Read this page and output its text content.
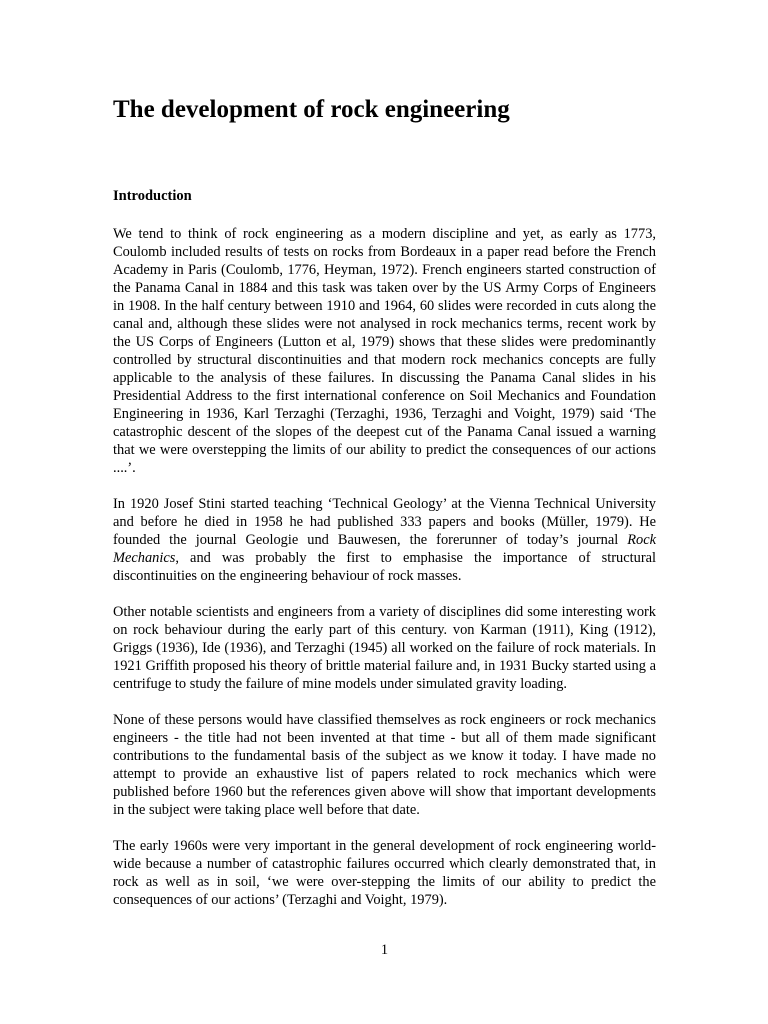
The development of rock engineering
Introduction

We tend to think of rock engineering as a modern discipline and yet, as early as 1773, Coulomb included results of tests on rocks from Bordeaux in a paper read before the French Academy in Paris (Coulomb, 1776, Heyman, 1972). French engineers started construction of the Panama Canal in 1884 and this task was taken over by the US Army Corps of Engineers in 1908. In the half century between 1910 and 1964, 60 slides were recorded in cuts along the canal and, although these slides were not analysed in rock mechanics terms, recent work by the US Corps of Engineers (Lutton et al, 1979) shows that these slides were predominantly controlled by structural discontinuities and that modern rock mechanics concepts are fully applicable to the analysis of these failures. In discussing the Panama Canal slides in his Presidential Address to the first international conference on Soil Mechanics and Foundation Engineering in 1936, Karl Terzaghi (Terzaghi, 1936, Terzaghi and Voight, 1979) said ‘The catastrophic descent of the slopes of the deepest cut of the Panama Canal issued a warning that we were overstepping the limits of our ability to predict the consequences of our actions ....’.

In 1920 Josef Stini started teaching ‘Technical Geology’ at the Vienna Technical University and before he died in 1958 he had published 333 papers and books (Müller, 1979). He founded the journal Geologie und Bauwesen, the forerunner of today’s journal Rock Mechanics, and was probably the first to emphasise the importance of structural discontinuities on the engineering behaviour of rock masses.

Other notable scientists and engineers from a variety of disciplines did some interesting work on rock behaviour during the early part of this century. von Karman (1911), King (1912), Griggs (1936), Ide (1936), and Terzaghi (1945) all worked on the failure of rock materials. In 1921 Griffith proposed his theory of brittle material failure and, in 1931 Bucky started using a centrifuge to study the failure of mine models under simulated gravity loading.

None of these persons would have classified themselves as rock engineers or rock mechanics engineers - the title had not been invented at that time - but all of them made significant contributions to the fundamental basis of the subject as we know it today. I have made no attempt to provide an exhaustive list of papers related to rock mechanics which were published before 1960 but the references given above will show that important developments in the subject were taking place well before that date.

The early 1960s were very important in the general development of rock engineering world-wide because a number of catastrophic failures occurred which clearly demonstrated that, in rock as well as in soil, ‘we were over-stepping the limits of our ability to predict the consequences of our actions’ (Terzaghi and Voight, 1979).

1
